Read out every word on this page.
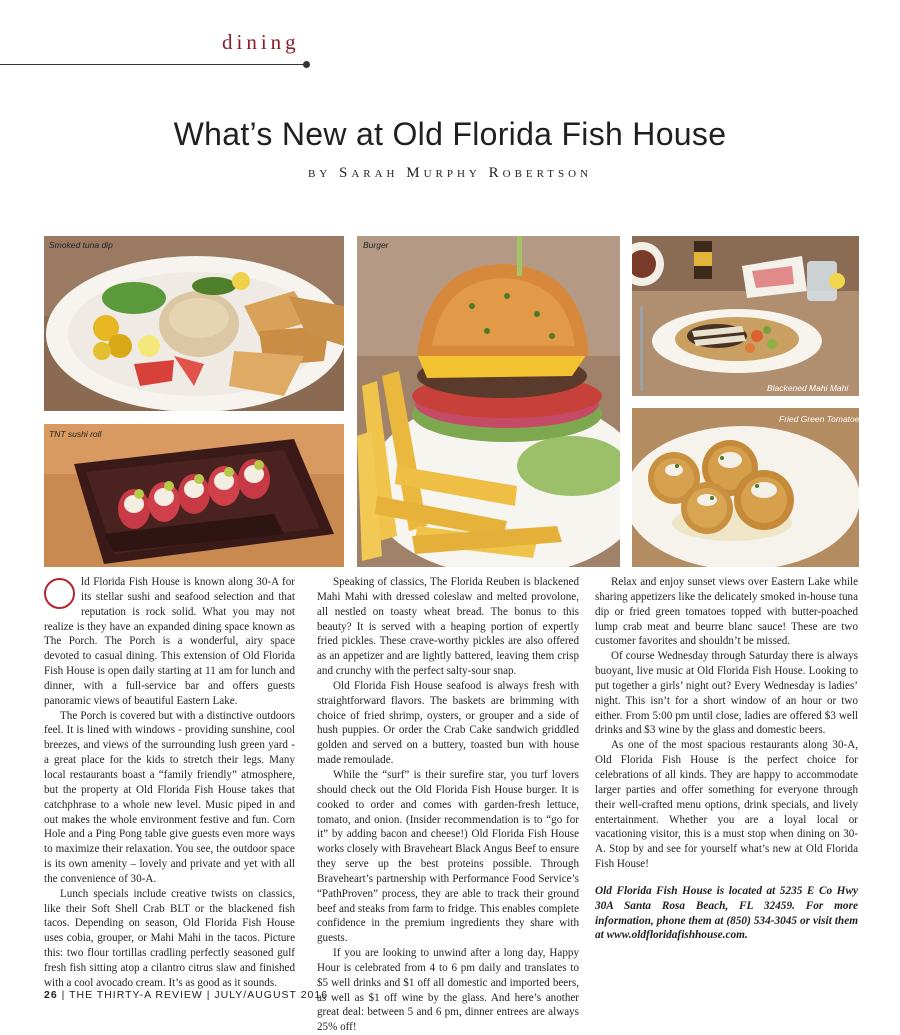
dining
What’s New at Old Florida Fish House
by Sarah Murphy Robertson
Smoked tuna dip
TNT sushi roll
Burger
Blackened Mahi Mahi
Fried Green Tomatoes

ld Florida Fish House is known along 30-A for its stellar sushi and seafood selection and that reputation is rock solid. What you may not realize is they have an expanded dining space known as The Porch. The Porch is a wonderful, airy space devoted to casual dining. This extension of Old Florida Fish House is open daily starting at 11 am for lunch and dinner, with a full-service bar and offers guests panoramic views of beautiful Eastern Lake.

The Porch is covered but with a distinctive outdoors feel. It is lined with windows - providing sunshine, cool breezes, and views of the surrounding lush green yard - a great place for the kids to stretch their legs. Many local restaurants boast a “family friendly” atmosphere, but the property at Old Florida Fish House takes that catchphrase to a whole new level. Music piped in and out makes the whole environment festive and fun. Corn Hole and a Ping Pong table give guests even more ways to maximize their relaxation. You see, the outdoor space is its own amenity – lovely and private and yet with all the convenience of 30-A.

Lunch specials include creative twists on classics, like their Soft Shell Crab BLT or the blackened fish tacos. Depending on season, Old Florida Fish House uses cobia, grouper, or Mahi Mahi in the tacos. Picture this: two flour tortillas cradling perfectly seasoned gulf fresh fish sitting atop a cilantro citrus slaw and finished with a cool avocado cream. It’s as good as it sounds.

Speaking of classics, The Florida Reuben is blackened Mahi Mahi with dressed coleslaw and melted provolone, all nestled on toasty wheat bread. The bonus to this beauty? It is served with a heaping portion of expertly fried pickles. These crave-worthy pickles are also offered as an appetizer and are lightly battered, leaving them crisp and crunchy with the perfect salty-sour snap.

Old Florida Fish House seafood is always fresh with straightforward flavors. The baskets are brimming with choice of fried shrimp, oysters, or grouper and a side of hush puppies. Or order the Crab Cake sandwich griddled golden and served on a buttery, toasted bun with house made remoulade.

While the “surf” is their surefire star, you turf lovers should check out the Old Florida Fish House burger. It is cooked to order and comes with garden-fresh lettuce, tomato, and onion. (Insider recommendation is to “go for it” by adding bacon and cheese!) Old Florida Fish House works closely with Braveheart Black Angus Beef to ensure they serve up the best proteins possible. Through Braveheart’s partnership with Performance Food Service’s “PathProven” process, they are able to track their ground beef and steaks from farm to fridge. This enables complete confidence in the premium ingredients they share with guests.

If you are looking to unwind after a long day, Happy Hour is celebrated from 4 to 6 pm daily and translates to $5 well drinks and $1 off all domestic and imported beers, as well as $1 off wine by the glass. And here’s another great deal: between 5 and 6 pm, dinner entrees are always 25% off!

Relax and enjoy sunset views over Eastern Lake while sharing appetizers like the delicately smoked in-house tuna dip or fried green tomatoes topped with butter-poached lump crab meat and beurre blanc sauce! These are two customer favorites and shouldn’t be missed.

Of course Wednesday through Saturday there is always buoyant, live music at Old Florida Fish House. Looking to put together a girls’ night out? Every Wednesday is ladies’ night. This isn’t for a short window of an hour or two either. From 5:00 pm until close, ladies are offered $3 well drinks and $3 wine by the glass and domestic beers.

As one of the most spacious restaurants along 30-A, Old Florida Fish House is the perfect choice for celebrations of all kinds. They are happy to accommodate larger parties and offer something for everyone through their well-crafted menu options, drink specials, and lively entertainment. Whether you are a loyal local or vacationing visitor, this is a must stop when dining on 30-A. Stop by and see for yourself what’s new at Old Florida Fish House!

Old Florida Fish House is located at 5235 E Co Hwy 30A Santa Rosa Beach, FL 32459. For more information, phone them at (850) 534-3045 or visit them at www.oldfloridafishhouse.com.

26 | THE THIRTY-A REVIEW | JULY/AUGUST 2016
